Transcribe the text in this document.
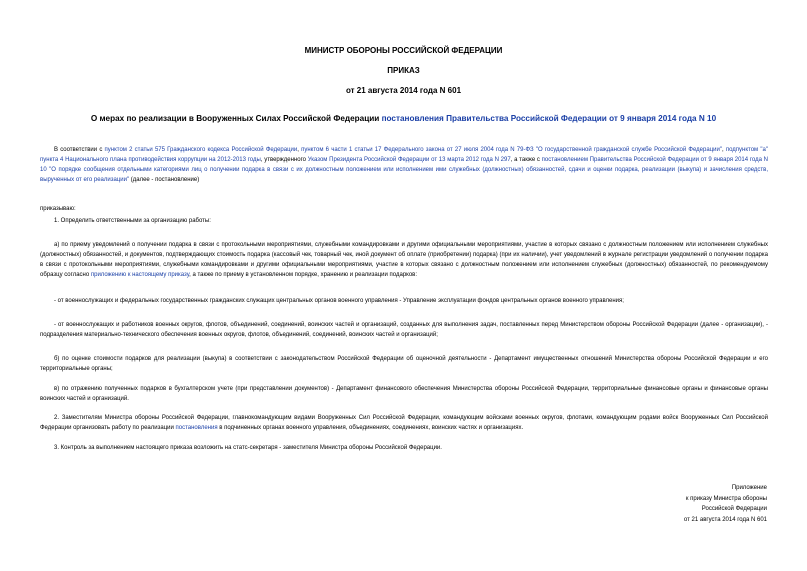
МИНИСТР ОБОРОНЫ РОССИЙСКОЙ ФЕДЕРАЦИИ
ПРИКАЗ
от 21 августа 2014 года N 601
О мерах по реализации в Вооруженных Силах Российской Федерации постановления Правительства Российской Федерации от 9 января 2014 года N 10
В соответствии с пунктом 2 статьи 575 Гражданского кодекса Российской Федерации, пунктом 6 части 1 статьи 17 Федерального закона от 27 июля 2004 года N 79-ФЗ "О государственной гражданской службе Российской Федерации", подпунктом "а" пункта 4 Национального плана противодействия коррупции на 2012-2013 годы, утвержденного Указом Президента Российской Федерации от 13 марта 2012 года N 297, а также с постановлением Правительства Российской Федерации от 9 января 2014 года N 10 "О порядке сообщения отдельными категориями лиц о получении подарка в связи с их должностным положением или исполнением ими служебных (должностных) обязанностей, сдачи и оценки подарка, реализации (выкупа) и зачисления средств, вырученных от его реализации" (далее - постановление)
приказываю:
1. Определить ответственными за организацию работы:
а) по приему уведомлений о получении подарка в связи с протокольными мероприятиями, служебными командировками и другими официальными мероприятиями, участие в которых связано с должностным положением или исполнением служебных (должностных) обязанностей, и документов, подтверждающих стоимость подарка (кассовый чек, товарный чек, иной документ об оплате (приобретении) подарка) (при их наличии), учет уведомлений в журнале регистрации уведомлений о получении подарка в связи с протокольными мероприятиями, служебными командировками и другими официальными мероприятиями, участие в которых связано с должностным положением или исполнением служебных (должностных) обязанностей, по рекомендуемому образцу согласно приложению к настоящему приказу, а также по приему в установленном порядке, хранению и реализации подарков:
- от военнослужащих и федеральных государственных гражданских служащих центральных органов военного управления - Управление эксплуатации фондов центральных органов военного управления;
- от военнослужащих и работников военных округов, флотов, объединений, соединений, воинских частей и организаций, созданных для выполнения задач, поставленных перед Министерством обороны Российской Федерации (далее - организации), - подразделения материально-технического обеспечения военных округов, флотов, объединений, соединений, воинских частей и организаций;
б) по оценке стоимости подарков для реализации (выкупа) в соответствии с законодательством Российской Федерации об оценочной деятельности - Департамент имущественных отношений Министерства обороны Российской Федерации и его территориальные органы;
в) по отражению полученных подарков в бухгалтерском учете (при представлении документов) - Департамент финансового обеспечения Министерства обороны Российской Федерации, территориальные финансовые органы и финансовые органы воинских частей и организаций.
2. Заместителям Министра обороны Российской Федерации, главнокомандующим видами Вооруженных Сил Российской Федерации, командующим войсками военных округов, флотами, командующим родами войск Вооруженных Сил Российской Федерации организовать работу по реализации постановления в подчиненных органах военного управления, объединениях, соединениях, воинских частях и организациях.
3. Контроль за выполнением настоящего приказа возложить на статс-секретаря - заместителя Министра обороны Российской Федерации.
Приложение
к приказу Министра обороны
Российской Федерации
от 21 августа 2014 года N 601
